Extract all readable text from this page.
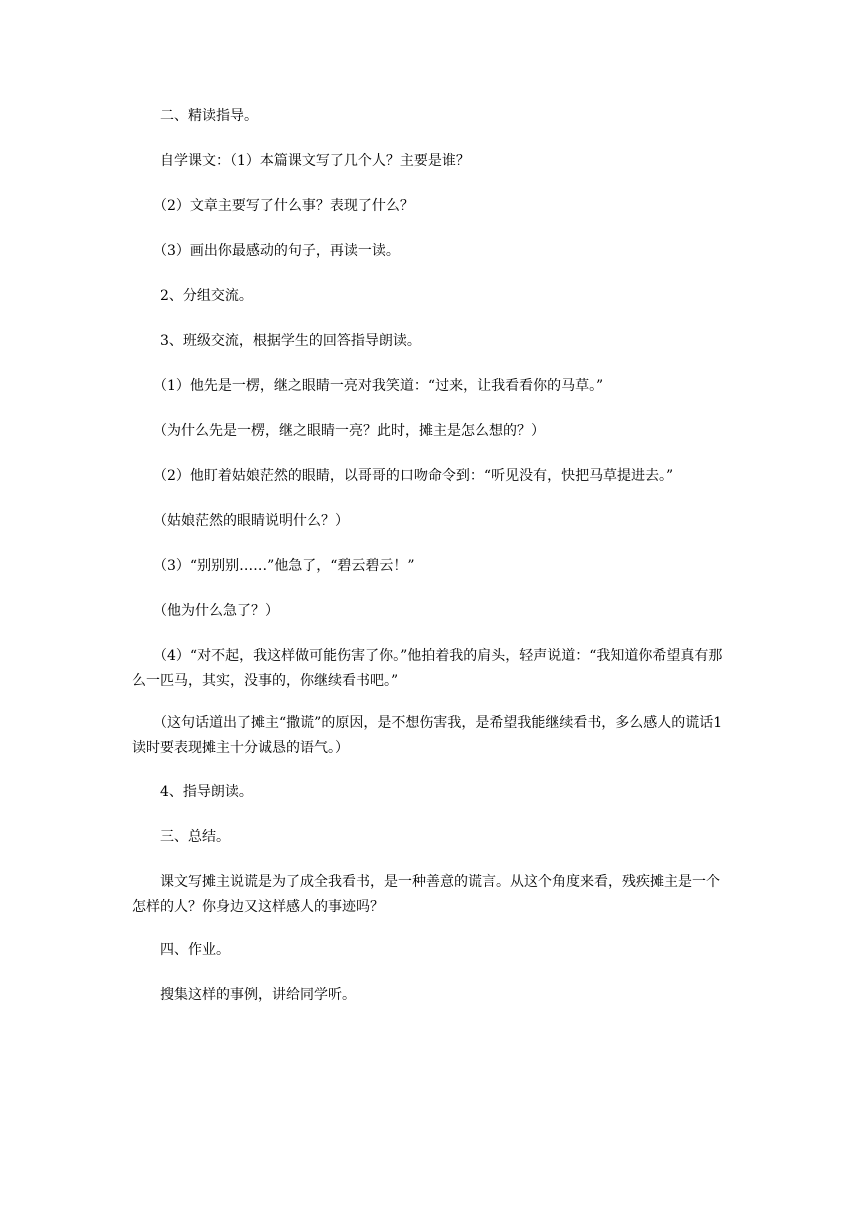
　　二、精读指导。

　　自学课文：（1）本篇课文写了几个人？主要是谁？

　　（2）文章主要写了什么事？表现了什么？

　　（3）画出你最感动的句子，再读一读。

　　2、分组交流。

　　3、班级交流，根据学生的回答指导朗读。

　　（1）他先是一楞，继之眼睛一亮对我笑道：“过来，让我看看你的马草。”

　　（为什么先是一楞，继之眼睛一亮？此时，摊主是怎么想的？）

　　（2）他盯着姑娘茫然的眼睛，以哥哥的口吻命令到：“听见没有，快把马草提进去。”

　　（姑娘茫然的眼睛说明什么？）

　　（3）“别别别……”他急了，“碧云碧云！”

　　（他为什么急了？）

　　（4）“对不起，我这样做可能伤害了你。”他拍着我的肩头，轻声说道：“我知道你希望真有那么一匹马，其实，没事的，你继续看书吧。”

　　（这句话道出了摊主“撒谎”的原因，是不想伤害我，是希望我能继续看书，多么感人的谎话1读时要表现摊主十分诚恳的语气。）

　　4、指导朗读。

　　三、总结。

　　课文写摊主说谎是为了成全我看书，是一种善意的谎言。从这个角度来看，残疾摊主是一个怎样的人？你身边又这样感人的事迹吗？

　　四、作业。

　　搜集这样的事例，讲给同学听。
